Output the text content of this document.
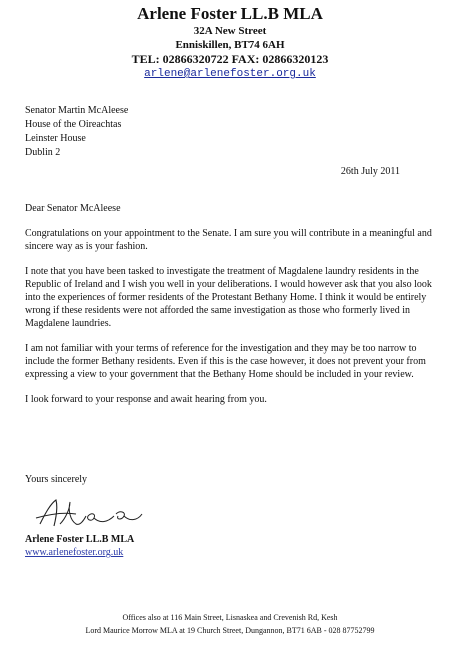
Arlene Foster LL.B MLA
32A New Street
Enniskillen, BT74 6AH
TEL: 02866320722 FAX: 02866320123
arlene@arlenefoster.org.uk
Senator Martin McAleese
House of the Oireachtas
Leinster House
Dublin 2
26th July 2011

Dear Senator McAleese

Congratulations on your appointment to the Senate. I am sure you will contribute in a meaningful and sincere way as is your fashion.

I note that you have been tasked to investigate the treatment of Magdalene laundry residents in the Republic of Ireland and I wish you well in your deliberations. I would however ask that you also look into the experiences of former residents of the Protestant Bethany Home. I think it would be entirely wrong if these residents were not afforded the same investigation as those who formerly lived in Magdalene laundries.

I am not familiar with your terms of reference for the investigation and they may be too narrow to include the former Bethany residents. Even if this is the case however, it does not prevent your from expressing a view to your government that the Bethany Home should be included in your review.

I look forward to your response and await hearing from you.

Yours sincerely
Arlene Foster LL.B MLA
www.arlenefoster.org.uk
Offices also at 116 Main Street, Lisnaskea and Crevenish Rd, Kesh
Lord Maurice Morrow MLA at 19 Church Street, Dungannon, BT71 6AB - 028 87752799
